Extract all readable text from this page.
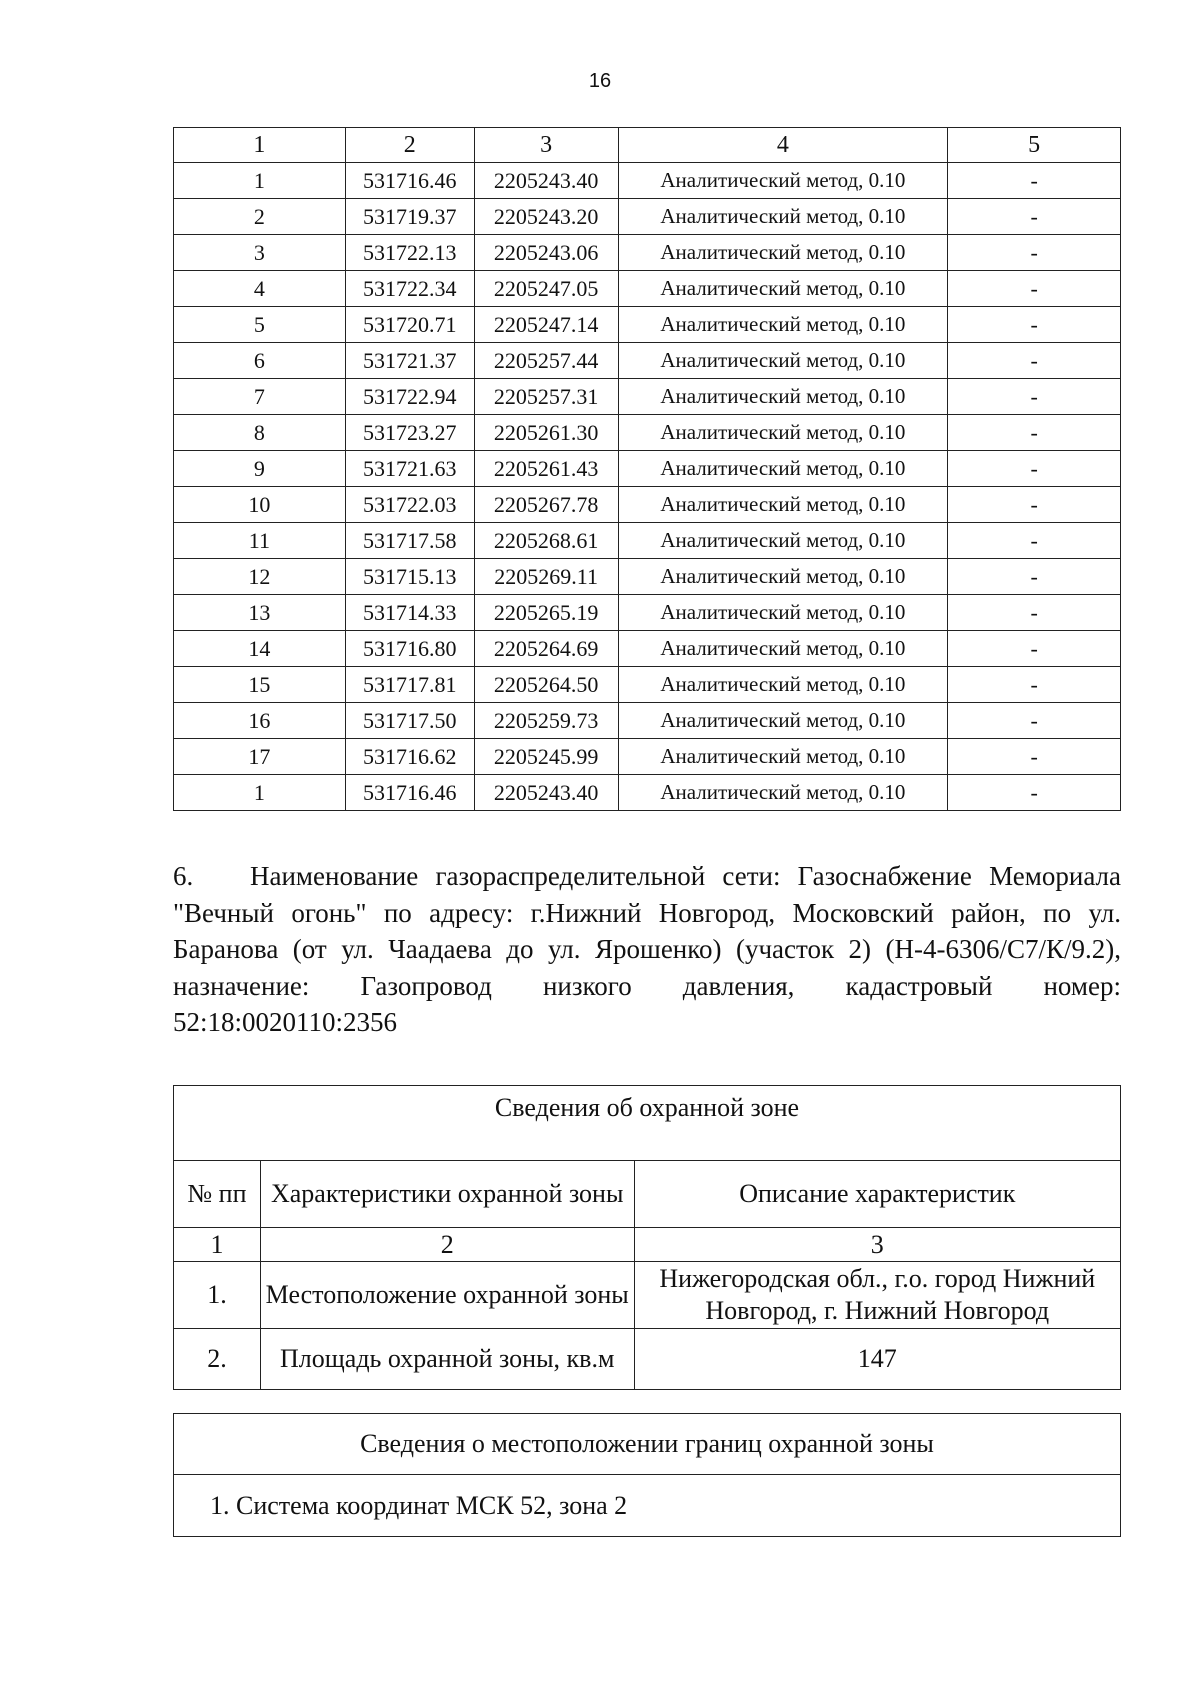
16
1	2	3	4	5
1	531716.46	2205243.40	Аналитический метод, 0.10	-
2	531719.37	2205243.20	Аналитический метод, 0.10	-
3	531722.13	2205243.06	Аналитический метод, 0.10	-
4	531722.34	2205247.05	Аналитический метод, 0.10	-
5	531720.71	2205247.14	Аналитический метод, 0.10	-
6	531721.37	2205257.44	Аналитический метод, 0.10	-
7	531722.94	2205257.31	Аналитический метод, 0.10	-
8	531723.27	2205261.30	Аналитический метод, 0.10	-
9	531721.63	2205261.43	Аналитический метод, 0.10	-
10	531722.03	2205267.78	Аналитический метод, 0.10	-
11	531717.58	2205268.61	Аналитический метод, 0.10	-
12	531715.13	2205269.11	Аналитический метод, 0.10	-
13	531714.33	2205265.19	Аналитический метод, 0.10	-
14	531716.80	2205264.69	Аналитический метод, 0.10	-
15	531717.81	2205264.50	Аналитический метод, 0.10	-
16	531717.50	2205259.73	Аналитический метод, 0.10	-
17	531716.62	2205245.99	Аналитический метод, 0.10	-
1	531716.46	2205243.40	Аналитический метод, 0.10	-
6. Наименование газораспределительной сети: Газоснабжение Мемориала
"Вечный огонь" по адресу: г.Нижний Новгород, Московский район, по ул.
Баранова (от ул. Чаадаева до ул. Ярошенко) (участок 2) (Н-4-6306/С7/К/9.2),
назначение: Газопровод низкого давления, кадастровый номер:
52:18:0020110:2356
Сведения об охранной зоне		
№ пп	Характеристики охранной зоны	Описание характеристик
1	2	3
1.	Местоположение охранной зоны	Нижегородская обл., г.о. город Нижний Новгород, г. Нижний Новгород
2.	Площадь охранной зоны, кв.м	147
Сведения о местоположении границ охранной зоны
1. Система координат МСК 52, зона 2
